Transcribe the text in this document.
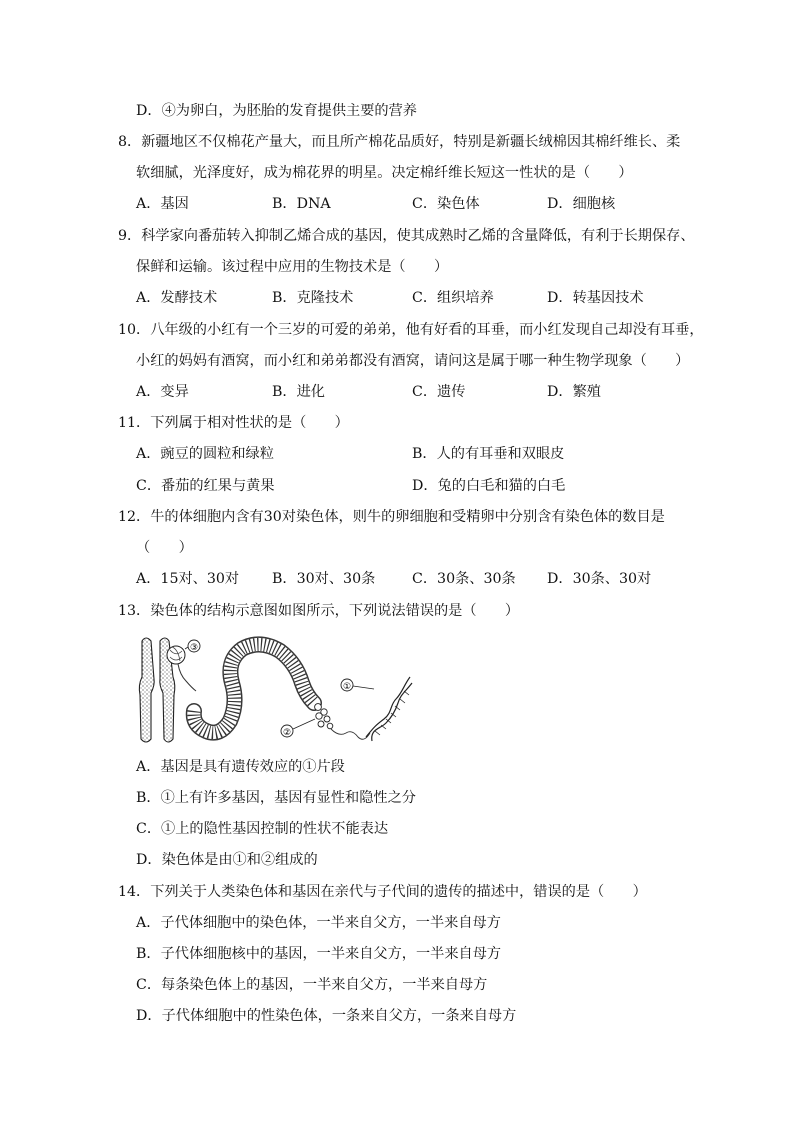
D．④为卵白，为胚胎的发育提供主要的营养
8．新疆地区不仅棉花产量大，而且所产棉花品质好，特别是新疆长绒棉因其棉纤维长、柔
软细腻，光泽度好，成为棉花界的明星。决定棉纤维长短这一性状的是（　　）
A．基因	B．DNA	C．染色体	D．细胞核
9．科学家向番茄转入抑制乙烯合成的基因，使其成熟时乙烯的含量降低，有利于长期保存、
保鲜和运输。该过程中应用的生物技术是（　　）
A．发酵技术	B．克隆技术	C．组织培养	D．转基因技术
10．八年级的小红有一个三岁的可爱的弟弟，他有好看的耳垂，而小红发现自己却没有耳垂，
小红的妈妈有酒窝，而小红和弟弟都没有酒窝，请问这是属于哪一种生物学现象（　　）
A．变异	B．进化	C．遗传	D．繁殖
11．下列属于相对性状的是（　　）
A．豌豆的圆粒和绿粒	B．人的有耳垂和双眼皮
C．番茄的红果与黄果	D．兔的白毛和猫的白毛
12．牛的体细胞内含有30对染色体，则牛的卵细胞和受精卵中分别含有染色体的数目是
（　　）
A．15对、30对 B．30对、30条	C．30条、30条 D．30条、30对
13．染色体的结构示意图如图所示，下列说法错误的是（　　）
③
①
②
A．基因是具有遗传效应的①片段
B．①上有许多基因，基因有显性和隐性之分
C．①上的隐性基因控制的性状不能表达
D．染色体是由①和②组成的
14．下列关于人类染色体和基因在亲代与子代间的遗传的描述中，错误的是（　　）
A．子代体细胞中的染色体，一半来自父方，一半来自母方
B．子代体细胞核中的基因，一半来自父方，一半来自母方
C．每条染色体上的基因，一半来自父方，一半来自母方
D．子代体细胞中的性染色体，一条来自父方，一条来自母方
